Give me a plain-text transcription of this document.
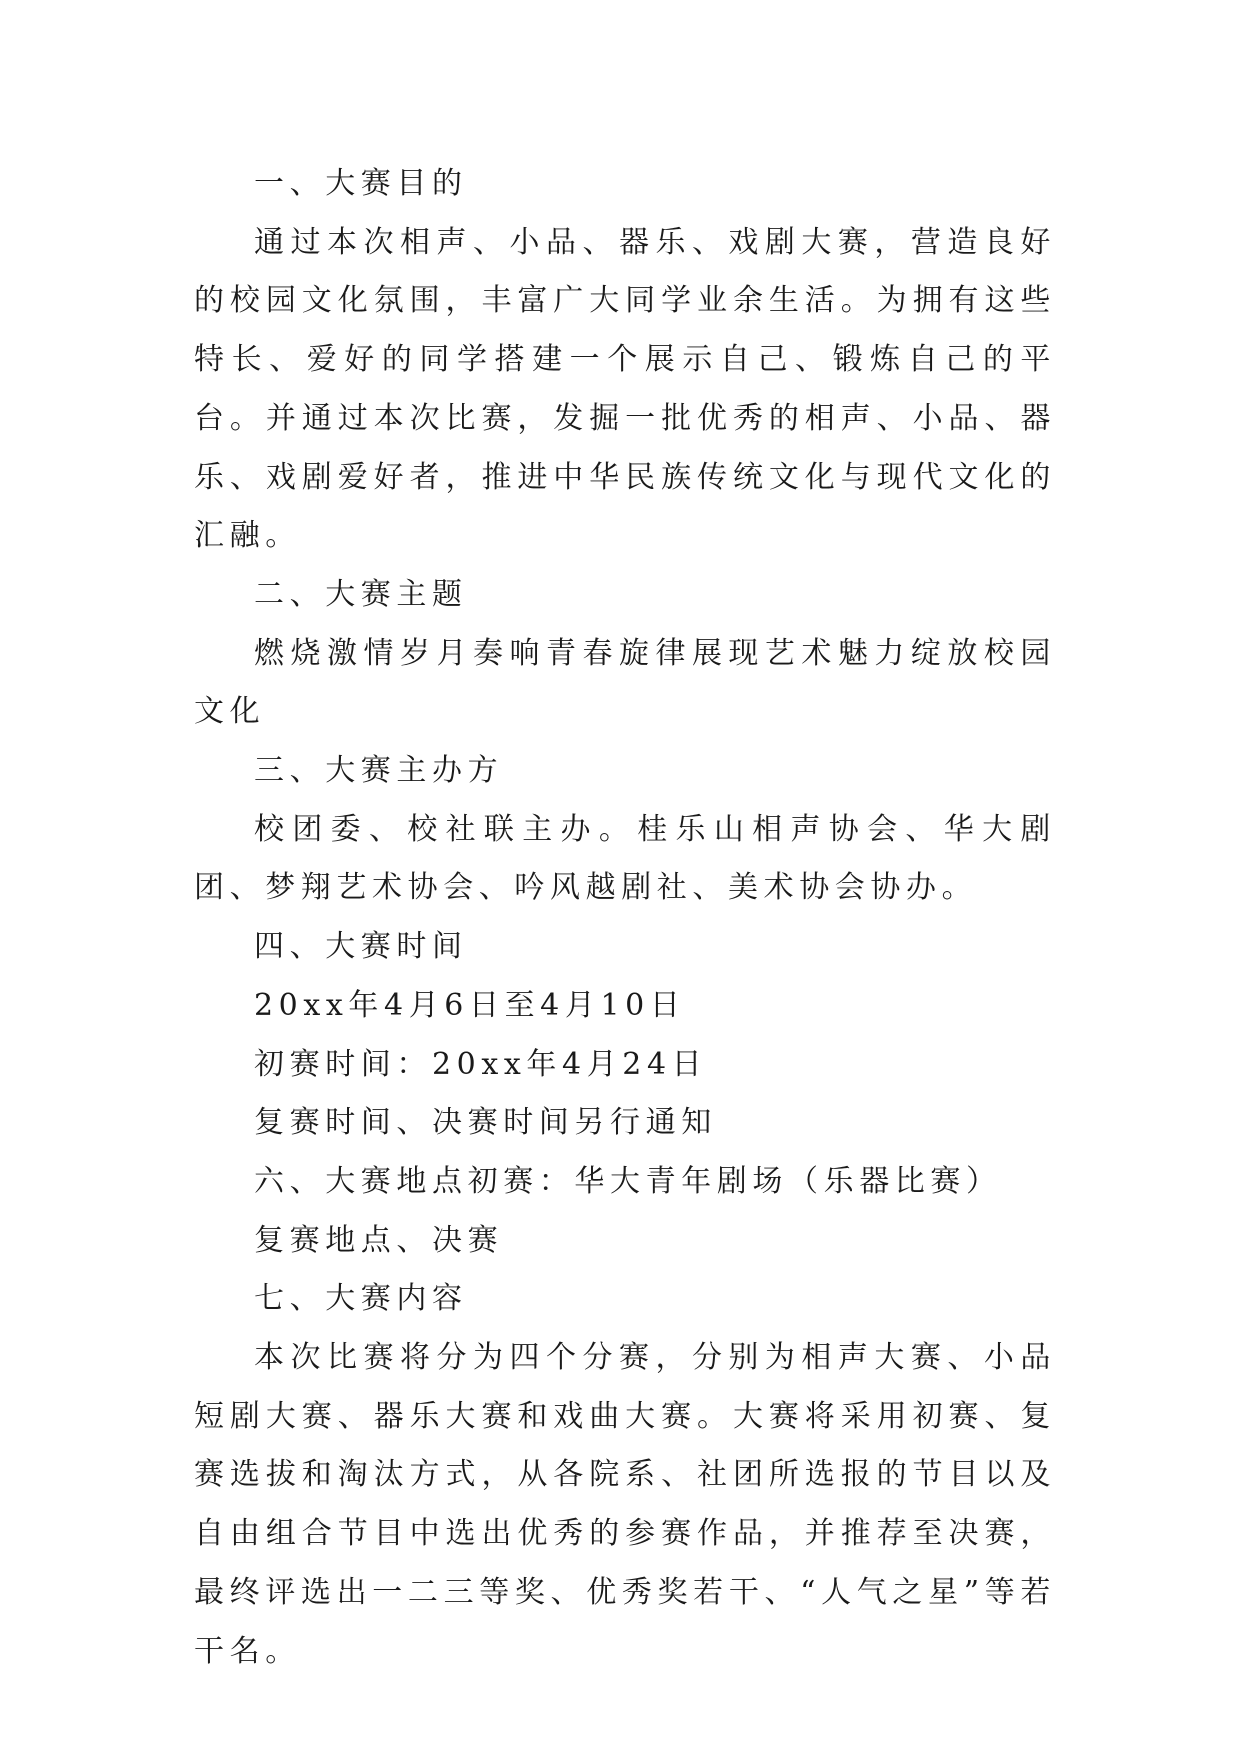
一、大赛目的

通过本次相声、小品、器乐、戏剧大赛，营造良好的校园文化氛围，丰富广大同学业余生活。为拥有这些特长、爱好的同学搭建一个展示自己、锻炼自己的平台。并通过本次比赛，发掘一批优秀的相声、小品、器乐、戏剧爱好者，推进中华民族传统文化与现代文化的汇融。

二、大赛主题

燃烧激情岁月奏响青春旋律展现艺术魅力绽放校园文化

三、大赛主办方

校团委、校社联主办。桂乐山相声协会、华大剧团、梦翔艺术协会、吟风越剧社、美术协会协办。

四、大赛时间

20xx年4月6日至4月10日

初赛时间：20xx年4月24日

复赛时间、决赛时间另行通知

六、大赛地点初赛：华大青年剧场（乐器比赛）

复赛地点、决赛

七、大赛内容

本次比赛将分为四个分赛，分别为相声大赛、小品短剧大赛、器乐大赛和戏曲大赛。大赛将采用初赛、复赛选拔和淘汰方式，从各院系、社团所选报的节目以及自由组合节目中选出优秀的参赛作品，并推荐至决赛，最终评选出一二三等奖、优秀奖若干、“人气之星”等若干名。
